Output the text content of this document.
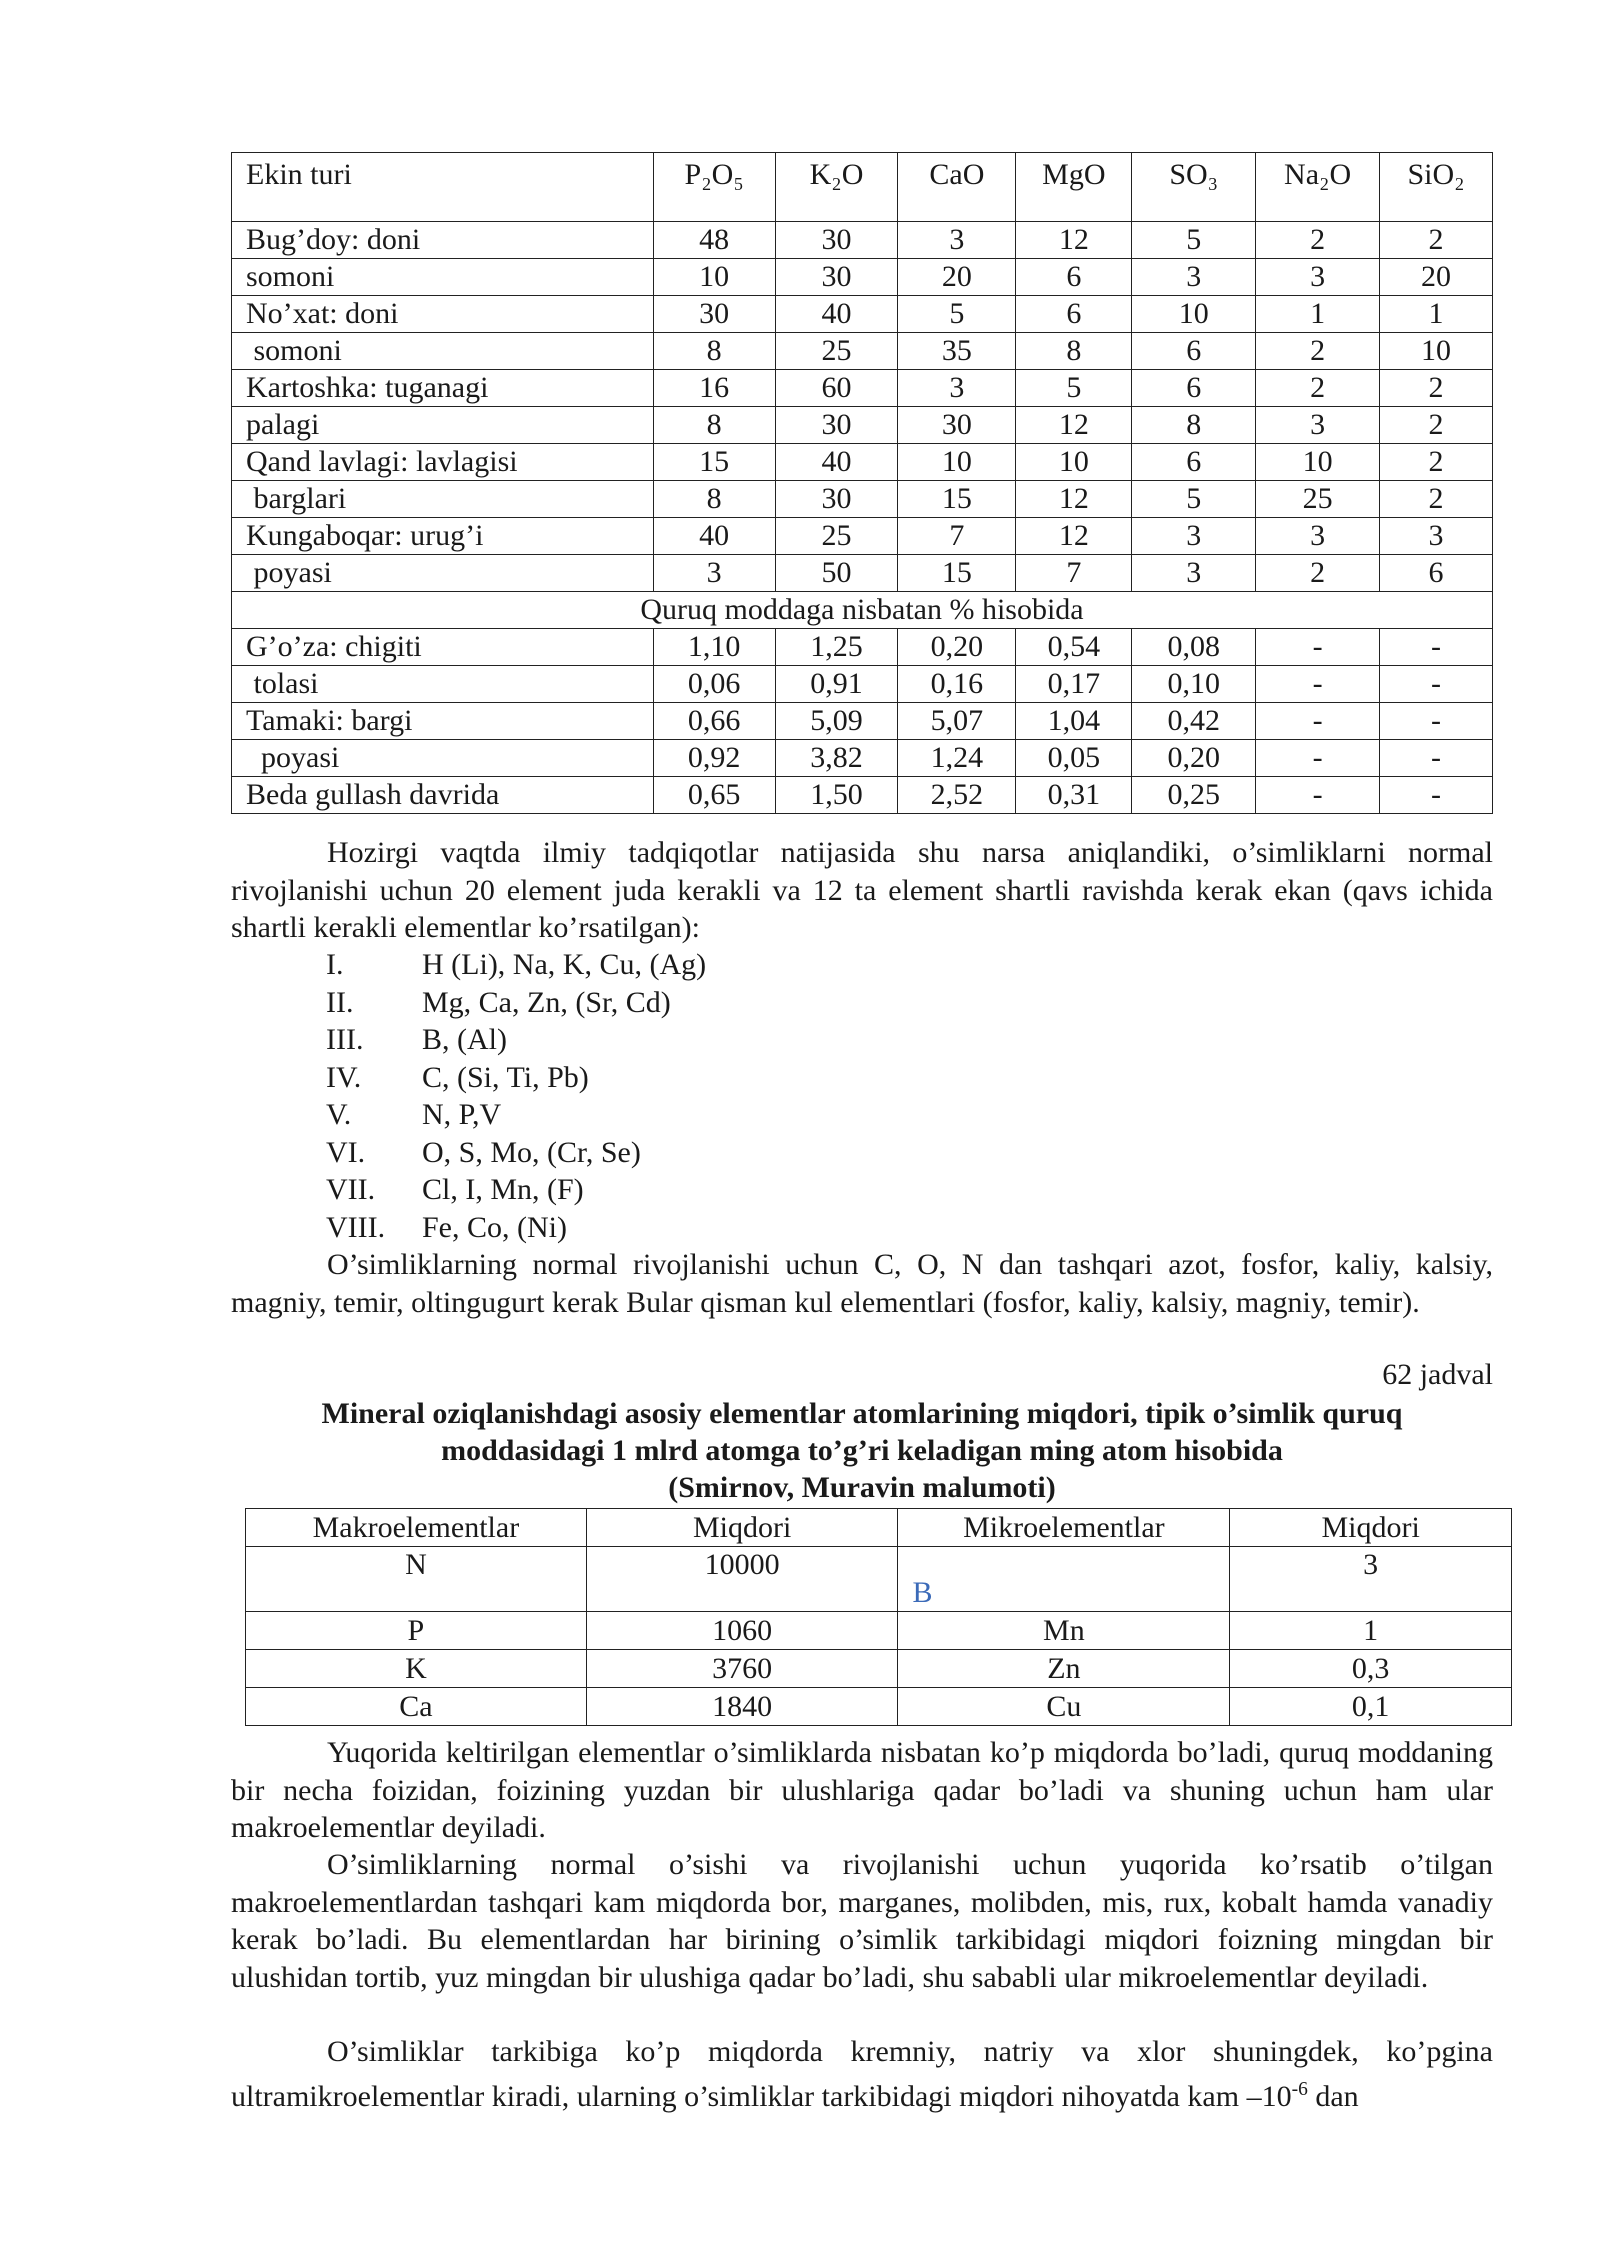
Ekin turi	P₂O₅	K₂O	CaO	MgO	SO₃	Na₂O	SiO₂
Bug’doy: doni	48	30	3	12	5	2	2
somoni	10	30	20	6	3	3	20
No’xat: doni	30	40	5	6	10	1	1
somoni	8	25	35	8	6	2	10
Kartoshka: tuganagi	16	60	3	5	6	2	2
palagi	8	30	30	12	8	3	2
Qand lavlagi: lavlagisi	15	40	10	10	6	10	2
barglari	8	30	15	12	5	25	2
Kungaboqar: urug’i	40	25	7	12	3	3	3
poyasi	3	50	15	7	3	2	6
Quruq moddaga nisbatan % hisobida							
G’o’za: chigiti	1,10	1,25	0,20	0,54	0,08	-	-
tolasi	0,06	0,91	0,16	0,17	0,10	-	-
Tamaki: bargi	0,66	5,09	5,07	1,04	0,42	-	-
poyasi	0,92	3,82	1,24	0,05	0,20	-	-
Beda gullash davrida	0,65	1,50	2,52	0,31	0,25	-	-
Hozirgi vaqtda ilmiy tadqiqotlar natijasida shu narsa aniqlandiki, o’simliklarni normal rivojlanishi uchun 20 element juda kerakli va 12 ta element shartli ravishda kerak ekan (qavs ichida shartli kerakli elementlar ko’rsatilgan):
I.	H (Li), Na, K, Cu, (Ag)
II.	Mg, Ca, Zn, (Sr, Cd)
III.	B, (Al)
IV.	C, (Si, Ti, Pb)
V.	N, P,V
VI.	O, S, Mo, (Cr, Se)
VII.	Cl, I, Mn, (F)
VIII.	Fe, Co, (Ni)
O’simliklarning normal rivojlanishi uchun C, O, N dan tashqari azot, fosfor, kaliy, kalsiy, magniy, temir, oltingugurt kerak Bular qisman kul elementlari (fosfor, kaliy, kalsiy, magniy, temir).
62 jadval
Mineral oziqlanishdagi asosiy elementlar atomlarining miqdori, tipik o’simlik quruq
moddasidagi 1 mlrd atomga to’g’ri keladigan ming atom hisobida
(Smirnov, Muravin malumoti)
Makroelementlar	Miqdori	Mikroelementlar	Miqdori
N	10000	B	3
P	1060	Mn	1
K	3760	Zn	0,3
Ca	1840	Cu	0,1
Yuqorida keltirilgan elementlar o’simliklarda nisbatan ko’p miqdorda bo’ladi, quruq moddaning bir necha foizidan, foizining yuzdan bir ulushlariga qadar bo’ladi va shuning uchun ham ular makroelementlar deyiladi.
O’simliklarning normal o’sishi va rivojlanishi uchun yuqorida ko’rsatib o’tilgan makroelementlardan tashqari kam miqdorda bor, marganes, molibden, mis, rux, kobalt hamda vanadiy kerak bo’ladi. Bu elementlardan har birining o’simlik tarkibidagi miqdori foizning mingdan bir ulushidan tortib, yuz mingdan bir ulushiga qadar bo’ladi, shu sababli ular mikroelementlar deyiladi.
O’simliklar tarkibiga ko’p miqdorda kremniy, natriy va xlor shuningdek, ko’pgina ultramikroelementlar kiradi, ularning o’simliklar tarkibidagi miqdori nihoyatda kam $-10^{-6}$ dan
